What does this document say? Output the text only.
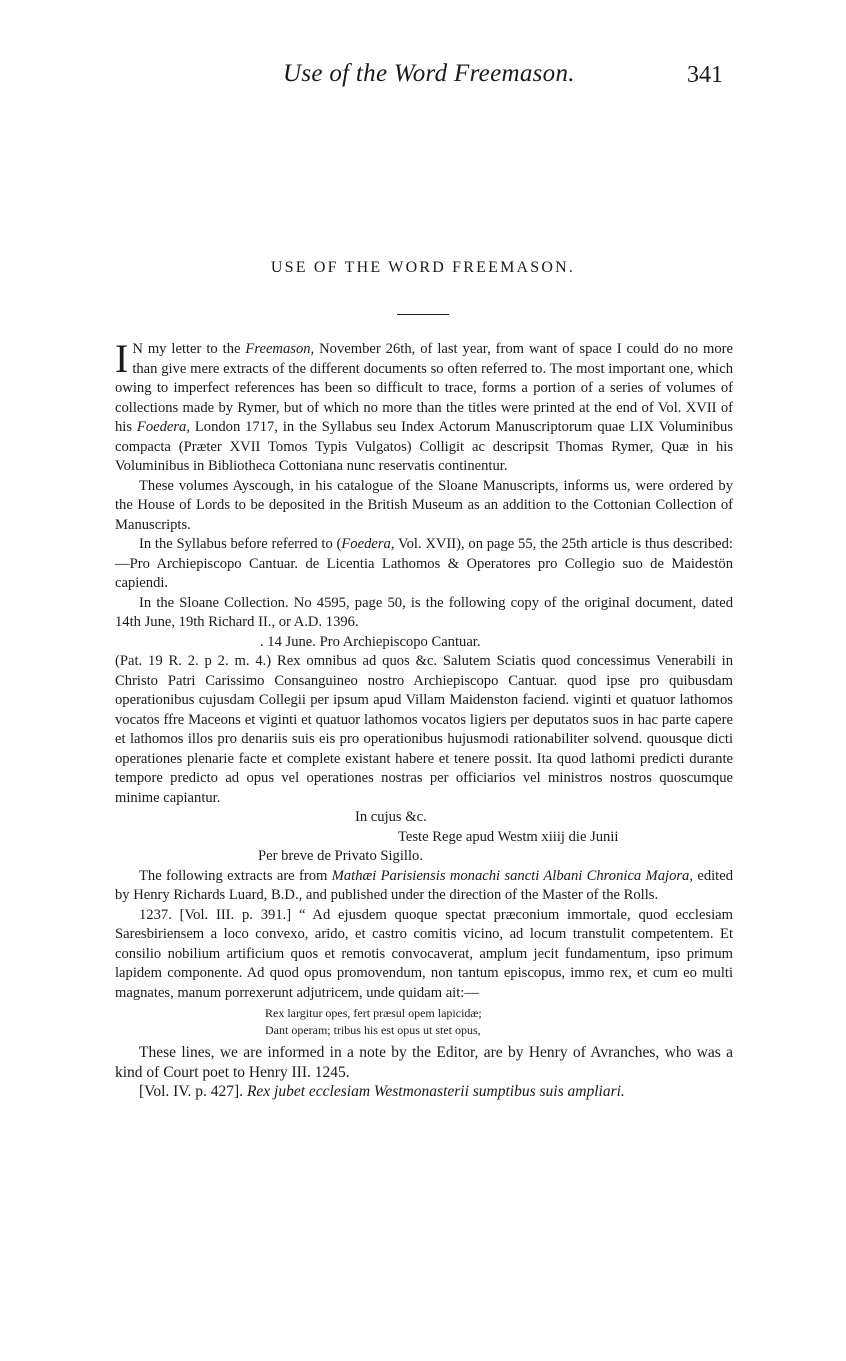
Use of the Word Freemason.	341
USE OF THE WORD FREEMASON.

I N my letter to the Freemason, November 26th, of last year, from want of space I could do no more than give mere extracts of the different documents so often referred to. The most important one, which owing to imperfect references has been so difficult to trace, forms a portion of a series of volumes of collections made by Rymer, but of which no more than the titles were printed at the end of Vol. XVII of his Foedera, London 1717, in the Syllabus seu Index Actorum Manuscriptorum quae LIX Voluminibus compacta (Præter XVII Tomos Typis Vulgatos) Colligit ac descripsit Thomas Rymer, Quæ in his Voluminibus in Bibliotheca Cottoniana nunc reservatis continentur.

These volumes Ayscough, in his catalogue of the Sloane Manuscripts, informs us, were ordered by the House of Lords to be deposited in the British Museum as an addition to the Cottonian Collection of Manuscripts.

In the Syllabus before referred to (Foedera, Vol. XVII), on page 55, the 25th article is thus described:—Pro Archiepiscopo Cantuar. de Licentia Lathomos & Operatores pro Collegio suo de Maidestön capiendi.

In the Sloane Collection. No 4595, page 50, is the following copy of the original document, dated 14th June, 19th Richard II., or A.D. 1396.

. 14 June. Pro Archiepiscopo Cantuar.

(Pat. 19 R. 2. p 2. m. 4.) Rex omnibus ad quos &c. Salutem Sciatis quod concessimus Venerabili in Christo Patri Carissimo Consanguineo nostro Archiepiscopo Cantuar. quod ipse pro quibusdam operationibus cujusdam Collegii per ipsum apud Villam Maidenston faciend. viginti et quatuor lathomos vocatos ffre Maceons et viginti et quatuor lathomos vocatos ligiers per deputatos suos in hac parte capere et lathomos illos pro denariis suis eis pro operationibus hujusmodi rationabiliter solvend. quousque dicti operationes plenarie facte et complete existant habere et tenere possit. Ita quod lathomi predicti durante tempore predicto ad opus vel operationes nostras per officiarios vel ministros nostros quoscumque minime capiantur.

In cujus &c.

Teste Rege apud Westm xiiij die Junii

Per breve de Privato Sigillo.

The following extracts are from Mathæi Parisiensis monachi sancti Albani Chronica Majora, edited by Henry Richards Luard, B.D., and published under the direction of the Master of the Rolls.

1237. [Vol. III. p. 391.] “ Ad ejusdem quoque spectat præconium immortale, quod ecclesiam Saresbiriensem a loco convexo, arido, et castro comitis vicino, ad locum transtulit competentem. Et consilio nobilium artificium quos et remotis convocaverat, amplum jecit fundamentum, ipso primum lapidem componente. Ad quod opus promovendum, non tantum episcopus, immo rex, et cum eo multi magnates, manum porrexerunt adjutricem, unde quidam ait:—

Rex largitur opes, fert præsul opem lapicidæ;
Dant operam; tribus his est opus ut stet opus,

These lines, we are informed in a note by the Editor, are by Henry of Avranches, who was a kind of Court poet to Henry III. 1245.

[Vol. IV. p. 427]. Rex jubet ecclesiam Westmonasterii sumptibus suis ampliari.
